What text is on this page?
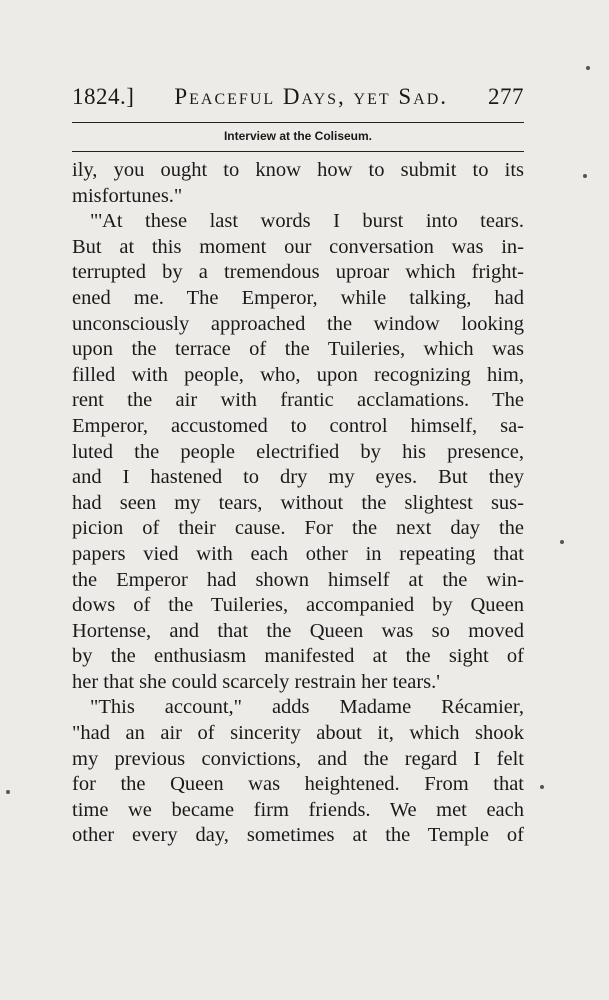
1824.] Peaceful Days, yet Sad. 277
Interview at the Coliseum.
ily, you ought to know how to submit to its
misfortunes."
"'At these last words I burst into tears.
But at this moment our conversation was in-
terrupted by a tremendous uproar which fright-
ened me. The Emperor, while talking, had
unconsciously approached the window looking
upon the terrace of the Tuileries, which was
filled with people, who, upon recognizing him,
rent the air with frantic acclamations. The
Emperor, accustomed to control himself, sa-
luted the people electrified by his presence,
and I hastened to dry my eyes. But they
had seen my tears, without the slightest sus-
picion of their cause. For the next day the
papers vied with each other in repeating that
the Emperor had shown himself at the win-
dows of the Tuileries, accompanied by Queen
Hortense, and that the Queen was so moved
by the enthusiasm manifested at the sight of
her that she could scarcely restrain her tears.'
"This account," adds Madame Récamier,
"had an air of sincerity about it, which shook
my previous convictions, and the regard I felt
for the Queen was heightened. From that
time we became firm friends. We met each
other every day, sometimes at the Temple of
